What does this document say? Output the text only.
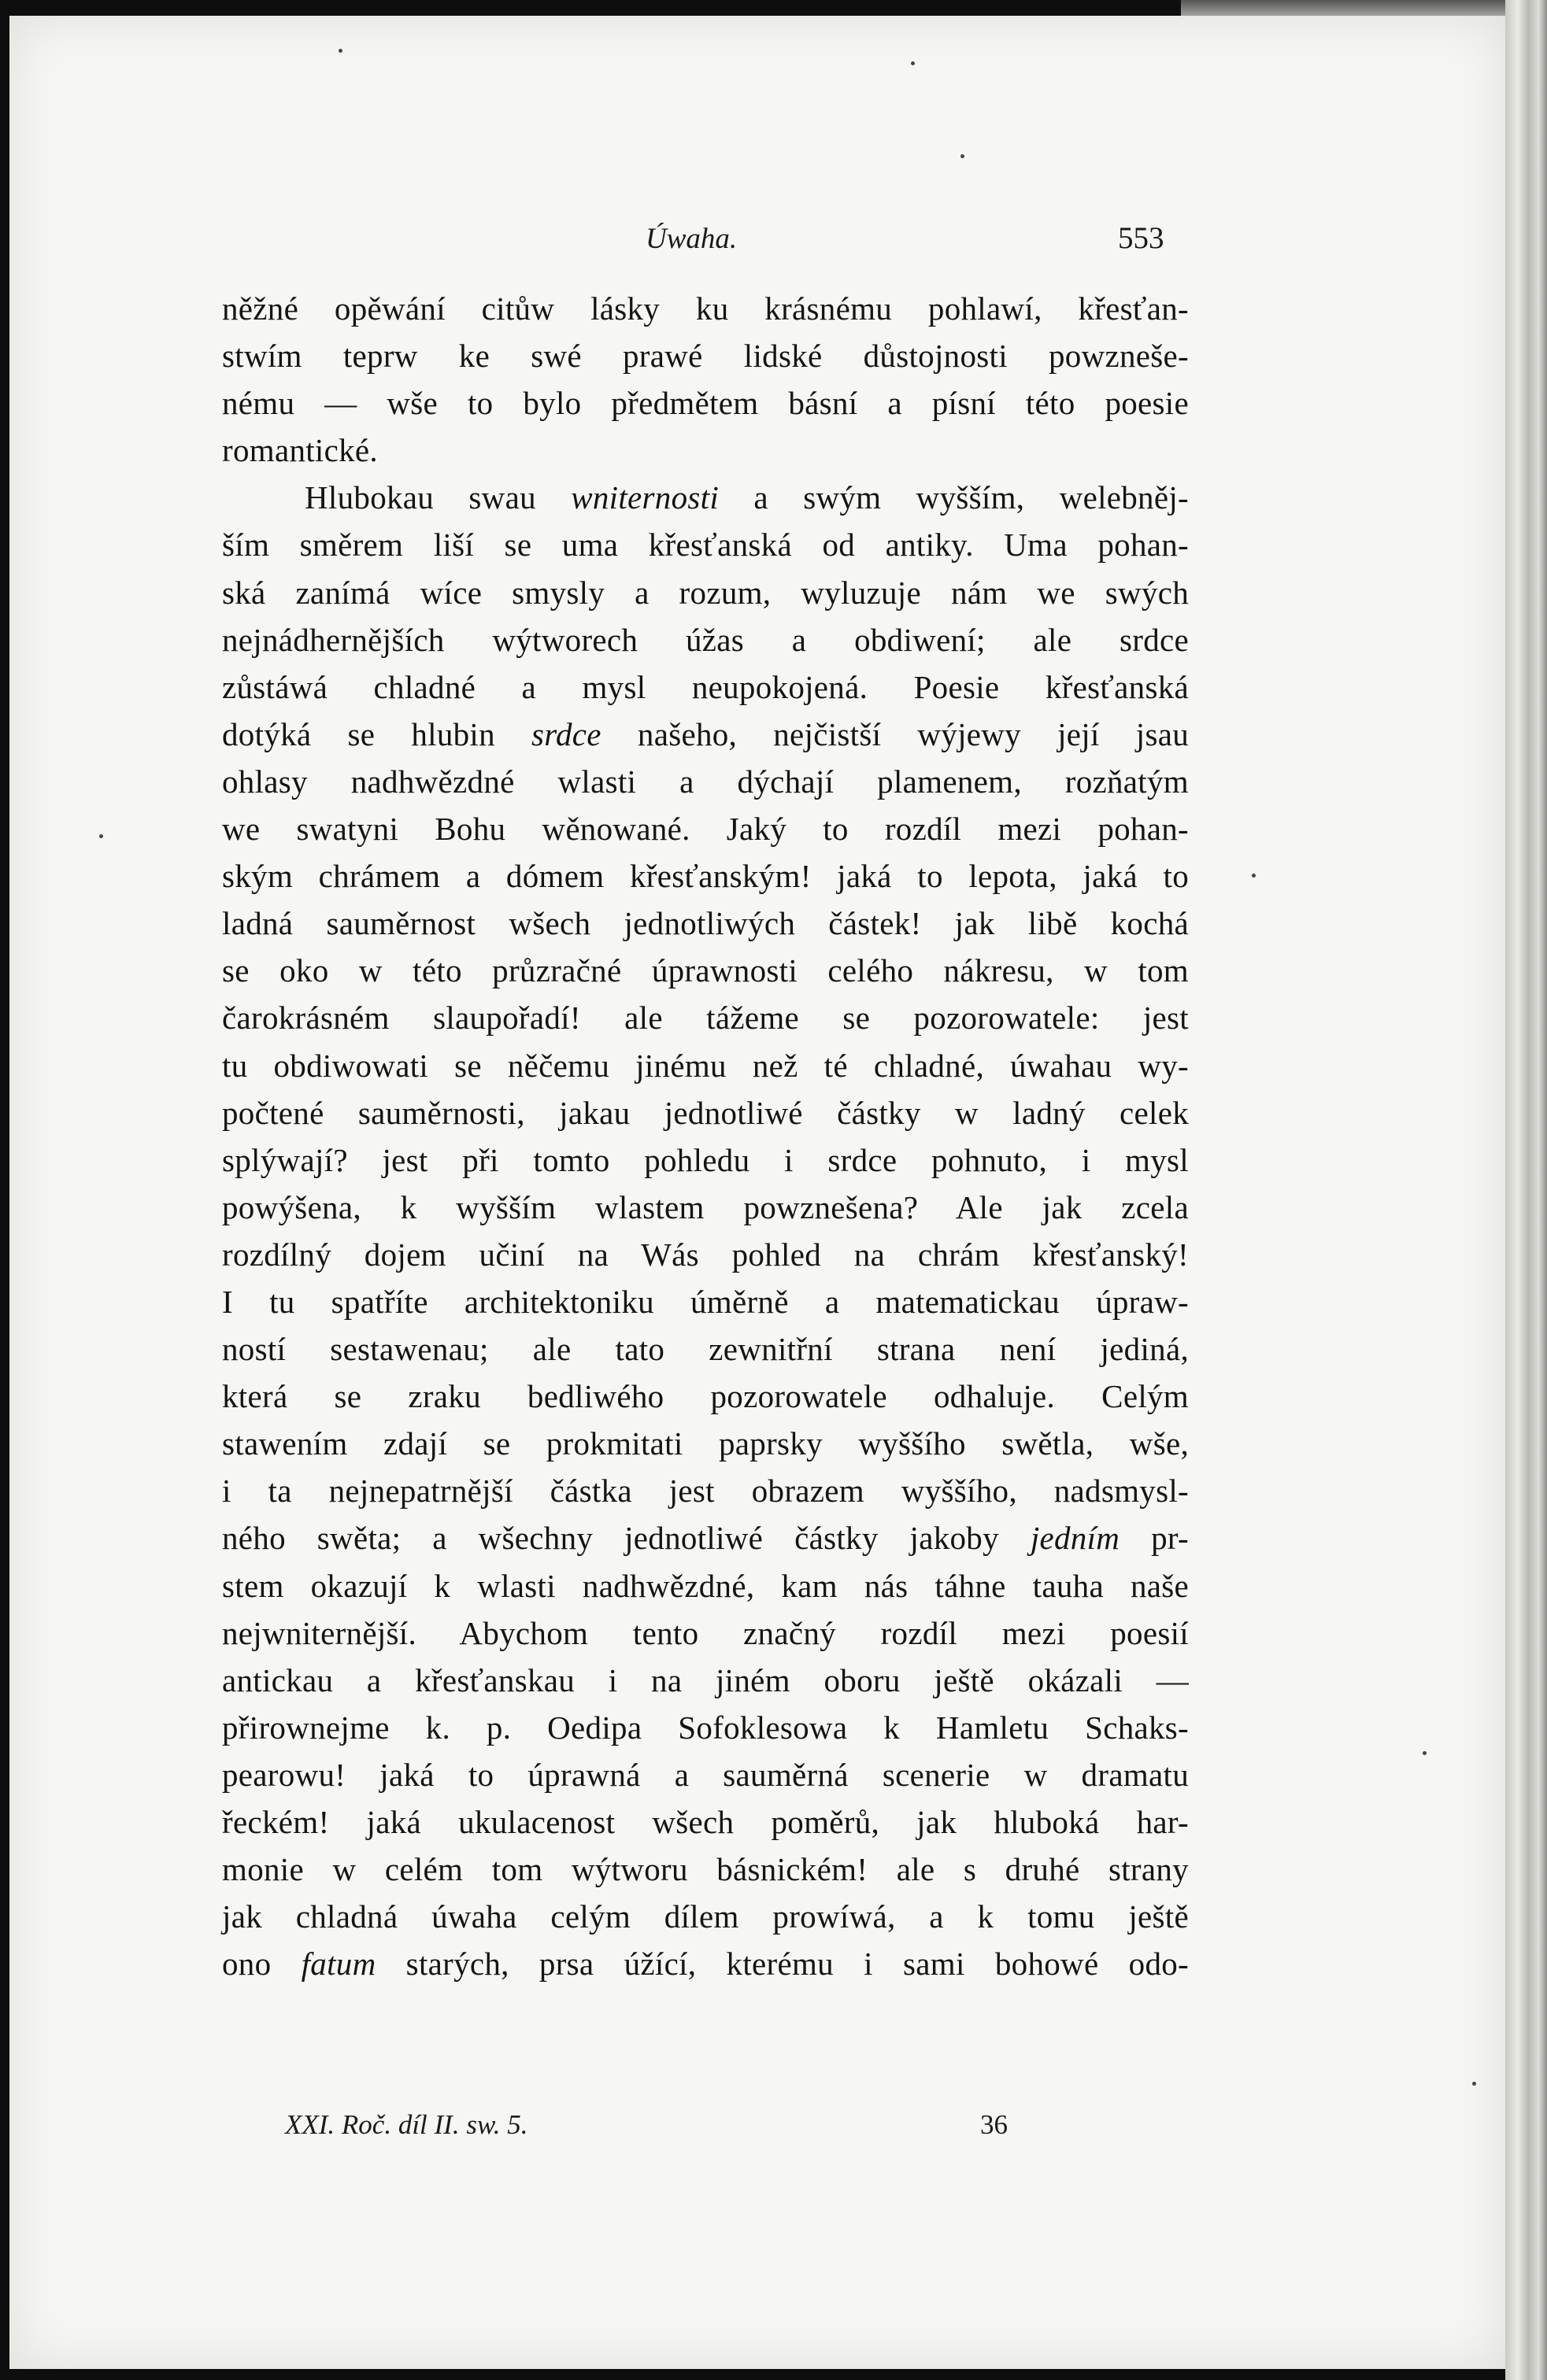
Úwaha.	553
něžné opěwání citůw lásky ku krásnému pohlawí, křesťan-
stwím teprw ke swé prawé lidské důstojnosti powzneše-
nému — wše to bylo předmětem básní a písní této poesie
romantické.
Hlubokau swau wniternosti a swým wyšším, welebněj-
ším směrem liší se uma křesťanská od antiky. Uma pohan-
ská zanímá wíce smysly a rozum, wyluzuje nám we swých
nejnádhernějších wýtworech úžas a obdiwení; ale srdce
zůstáwá chladné a mysl neupokojená. Poesie křesťanská
dotýká se hlubin srdce našeho, nejčistší wýjewy její jsau
ohlasy nadhwězdné wlasti a dýchají plamenem, rozňatým
we swatyni Bohu wěnowané. Jaký to rozdíl mezi pohan-
ským chrámem a dómem křesťanským! jaká to lepota, jaká to
ladná sauměrnost wšech jednotliwých částek! jak libě kochá
se oko w této průzračné úprawnosti celého nákresu, w tom
čarokrásném slaupořadí! ale tážeme se pozorowatele: jest
tu obdiwowati se něčemu jinému než té chladné, úwahau wy-
počtené sauměrnosti, jakau jednotliwé částky w ladný celek
splýwají? jest při tomto pohledu i srdce pohnuto, i mysl
powýšena, k wyšším wlastem powznešena? Ale jak zcela
rozdílný dojem učiní na Wás pohled na chrám křesťanský!
I tu spatříte architektoniku úměrně a matematickau úpraw-
ností sestawenau; ale tato zewnitřní strana není jediná,
která se zraku bedliwého pozorowatele odhaluje. Celým
stawením zdají se prokmitati paprsky wyššího swětla, wše,
i ta nejnepatrnější částka jest obrazem wyššího, nadsmysl-
ného swěta; a wšechny jednotliwé částky jakoby jedním pr-
stem okazují k wlasti nadhwězdné, kam nás táhne tauha naše
nejwniternější. Abychom tento značný rozdíl mezi poesií
antickau a křesťanskau i na jiném oboru ještě okázali —
přirownejme k. p. Oedipa Sofoklesowa k Hamletu Schaks-
pearowu! jaká to úprawná a sauměrná scenerie w dramatu
řeckém! jaká ukulacenost wšech poměrů, jak hluboká har-
monie w celém tom wýtworu básnickém! ale s druhé strany
jak chladná úwaha celým dílem prowíwá, a k tomu ještě
ono fatum starých, prsa úžící, kterému i sami bohowé odo-
XXI. Roč. díl II. sw. 5.	36
